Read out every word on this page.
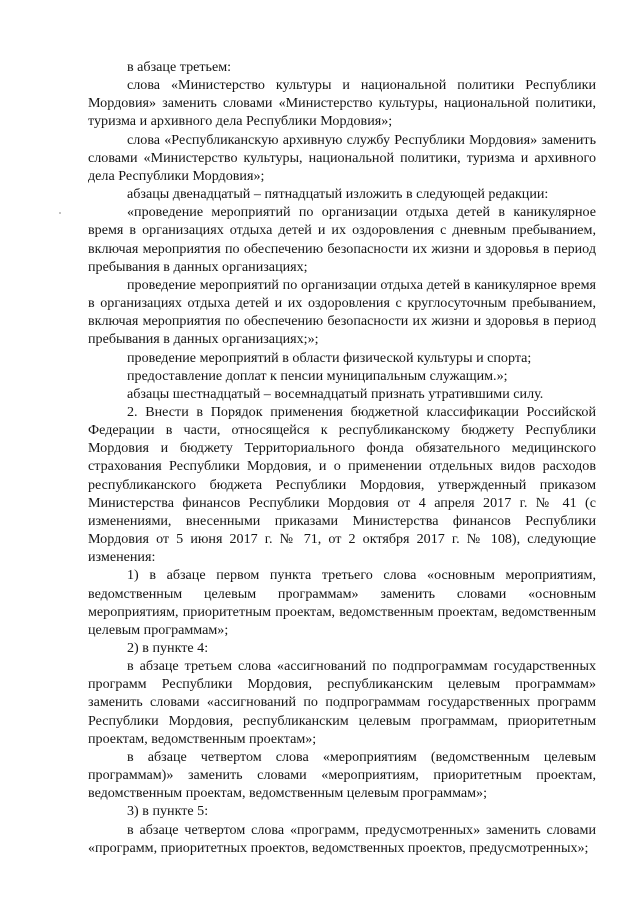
в абзаце третьем:

слова «Министерство культуры и национальной политики Республики Мордовия» заменить словами «Министерство культуры, национальной политики, туризма и архивного дела Республики Мордовия»;

слова «Республиканскую архивную службу Республики Мордовия» заменить словами «Министерство культуры, национальной политики, туризма и архивного дела Республики Мордовия»;

абзацы двенадцатый – пятнадцатый изложить в следующей редакции:

«проведение мероприятий по организации отдыха детей в каникулярное время в организациях отдыха детей и их оздоровления с дневным пребыванием, включая мероприятия по обеспечению безопасности их жизни и здоровья в период пребывания в данных организациях;

проведение мероприятий по организации отдыха детей в каникулярное время в организациях отдыха детей и их оздоровления с круглосуточным пребыванием, включая мероприятия по обеспечению безопасности их жизни и здоровья в период пребывания в данных организациях;»;

проведение мероприятий в области физической культуры и спорта;

предоставление доплат к пенсии муниципальным служащим.»;

абзацы шестнадцатый – восемнадцатый признать утратившими силу.

2. Внести в Порядок применения бюджетной классификации Российской Федерации в части, относящейся к республиканскому бюджету Республики Мордовия и бюджету Территориального фонда обязательного медицинского страхования Республики Мордовия, и о применении отдельных видов расходов республиканского бюджета Республики Мордовия, утвержденный приказом Министерства финансов Республики Мордовия от 4 апреля 2017 г. № 41 (с изменениями, внесенными приказами Министерства финансов Республики Мордовия от 5 июня 2017 г. № 71, от 2 октября 2017 г. № 108), следующие изменения:

1) в абзаце первом пункта третьего слова «основным мероприятиям, ведомственным целевым программам» заменить словами «основным мероприятиям, приоритетным проектам, ведомственным проектам, ведомственным целевым программам»;

2) в пункте 4:

в абзаце третьем слова «ассигнований по подпрограммам государственных программ Республики Мордовия, республиканским целевым программам» заменить словами «ассигнований по подпрограммам государственных программ Республики Мордовия, республиканским целевым программам, приоритетным проектам, ведомственным проектам»;

в абзаце четвертом слова «мероприятиям (ведомственным целевым программам)» заменить словами «мероприятиям, приоритетным проектам, ведомственным проектам, ведомственным целевым программам»;

3) в пункте 5:

в абзаце четвертом слова «программ, предусмотренных» заменить словами «программ, приоритетных проектов, ведомственных проектов, предусмотренных»;
